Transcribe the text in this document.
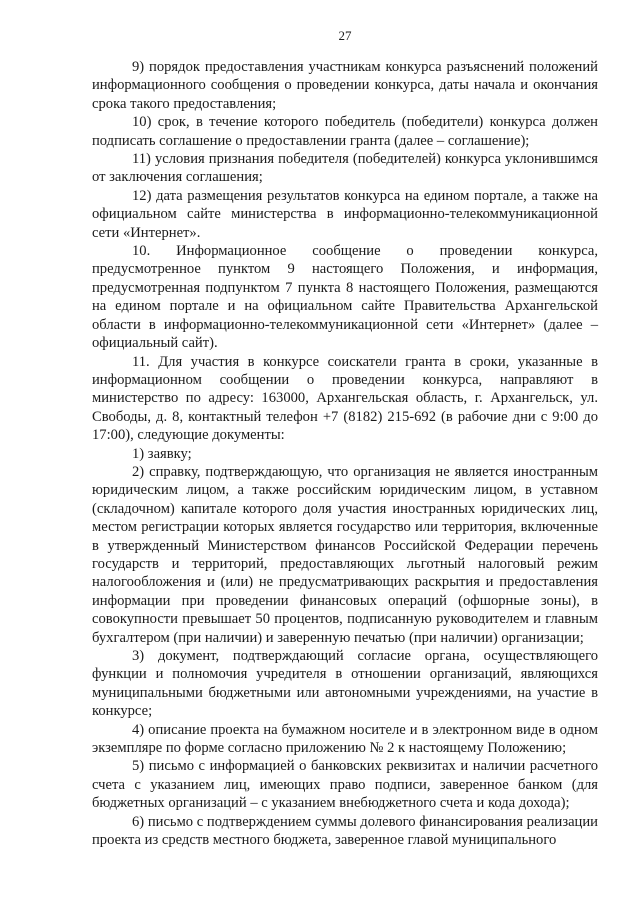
27

9) порядок предоставления участникам конкурса разъяснений положений информационного сообщения о проведении конкурса, даты начала и окончания срока такого предоставления;

10) срок, в течение которого победитель (победители) конкурса должен подписать соглашение о предоставлении гранта (далее – соглашение);

11) условия признания победителя (победителей) конкурса уклонившимся от заключения соглашения;

12) дата размещения результатов конкурса на едином портале, а также на официальном сайте министерства в информационно-телекоммуникационной сети «Интернет».

10. Информационное сообщение о проведении конкурса, предусмотренное пунктом 9 настоящего Положения, и информация, предусмотренная подпунктом 7 пункта 8 настоящего Положения, размещаются на едином портале и на официальном сайте Правительства Архангельской области в информационно-телекоммуникационной сети «Интернет» (далее – официальный сайт).

11. Для участия в конкурсе соискатели гранта в сроки, указанные в информационном сообщении о проведении конкурса, направляют в министерство по адресу: 163000, Архангельская область, г. Архангельск, ул. Свободы, д. 8, контактный телефон +7 (8182) 215-692 (в рабочие дни с 9:00 до 17:00), следующие документы:

1) заявку;

2) справку, подтверждающую, что организация не является иностранным юридическим лицом, а также российским юридическим лицом, в уставном (складочном) капитале которого доля участия иностранных юридических лиц, местом регистрации которых является государство или территория, включенные в утвержденный Министерством финансов Российской Федерации перечень государств и территорий, предоставляющих льготный налоговый режим налогообложения и (или) не предусматривающих раскрытия и предоставления информации при проведении финансовых операций (офшорные зоны), в совокупности превышает 50 процентов, подписанную руководителем и главным бухгалтером (при наличии) и заверенную печатью (при наличии) организации;

3) документ, подтверждающий согласие органа, осуществляющего функции и полномочия учредителя в отношении организаций, являющихся муниципальными бюджетными или автономными учреждениями, на участие в конкурсе;

4) описание проекта на бумажном носителе и в электронном виде в одном экземпляре по форме согласно приложению № 2 к настоящему Положению;

5) письмо с информацией о банковских реквизитах и наличии расчетного счета с указанием лиц, имеющих право подписи, заверенное банком (для бюджетных организаций – с указанием внебюджетного счета и кода дохода);

6) письмо с подтверждением суммы долевого финансирования реализации проекта из средств местного бюджета, заверенное главой муниципального
